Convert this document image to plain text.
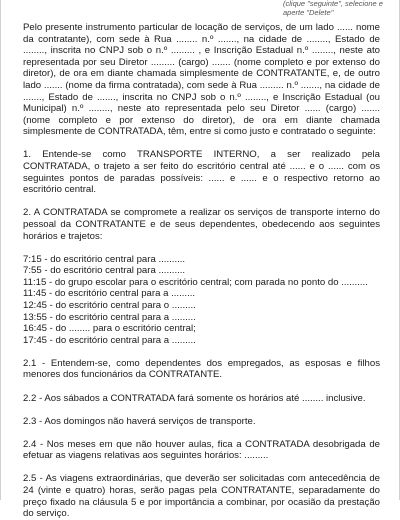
(clique "seguinte", selecione e
aperte "Delete"

Pelo presente instrumento particular de locação de serviços, de um lado ...... nome da contratante), com sede à Rua ........ n.º ......., na cidade de ........, Estado de ........, inscrita no CNPJ sob o n.º ......... , e Inscrição Estadual n.º ........, neste ato representada por seu Diretor ......... (cargo) ....... (nome completo e por extenso do diretor), de ora em diante chamada simplesmente de CONTRATANTE, e, de outro lado ....... (nome da firma contratada), com sede à Rua ......... n.º ......., na cidade de ......., Estado de ......., inscrita no CNPJ sob o n.º ........, e Inscrição Estadual (ou Municipal) n.º ........, neste ato representada pelo seu Diretor ...... (cargo) ....... (nome completo e por extenso do diretor), de ora em diante chamada simplesmente de CONTRATADA, têm, entre si como justo e contratado o seguinte:

1. Entende-se como TRANSPORTE INTERNO, a ser realizado pela CONTRATADA, o trajeto a ser feito do escritório central até ...... e o ...... com os seguintes pontos de paradas possíveis: ...... e ...... e o respectivo retorno ao escritório central.

2. A CONTRATADA se compromete a realizar os serviços de transporte interno do pessoal da CONTRATANTE e de seus dependentes, obedecendo aos seguintes horários e trajetos:

7:15 - do escritório central para ..........
7:55 - do escritório central para ..........
11:15 - do grupo escolar para o escritório central; com parada no ponto do ..........
11:45 - do escritório central para a .........
12:45 - do escritório central para o .........
13:55 - do escritório central para a .........
16:45 - do ........ para o escritório central;
17:45 - do escritório central para a .........

2.1 - Entendem-se, como dependentes dos empregados, as esposas e filhos menores dos funcionários da CONTRATANTE.

2.2 - Aos sábados a CONTRATADA fará somente os horários até ........ inclusive.

2.3 - Aos domingos não haverá serviços de transporte.

2.4 - Nos meses em que não houver aulas, fica a CONTRATADA desobrigada de efetuar as viagens relativas aos seguintes horários: .........

2.5 - As viagens extraordinárias, que deverão ser solicitadas com antecedência de 24 (vinte e quatro) horas, serão pagas pela CONTRATANTE, separadamente do preço fixado na cláusula 5 e por importância a combinar, por ocasião da prestação do serviço.
